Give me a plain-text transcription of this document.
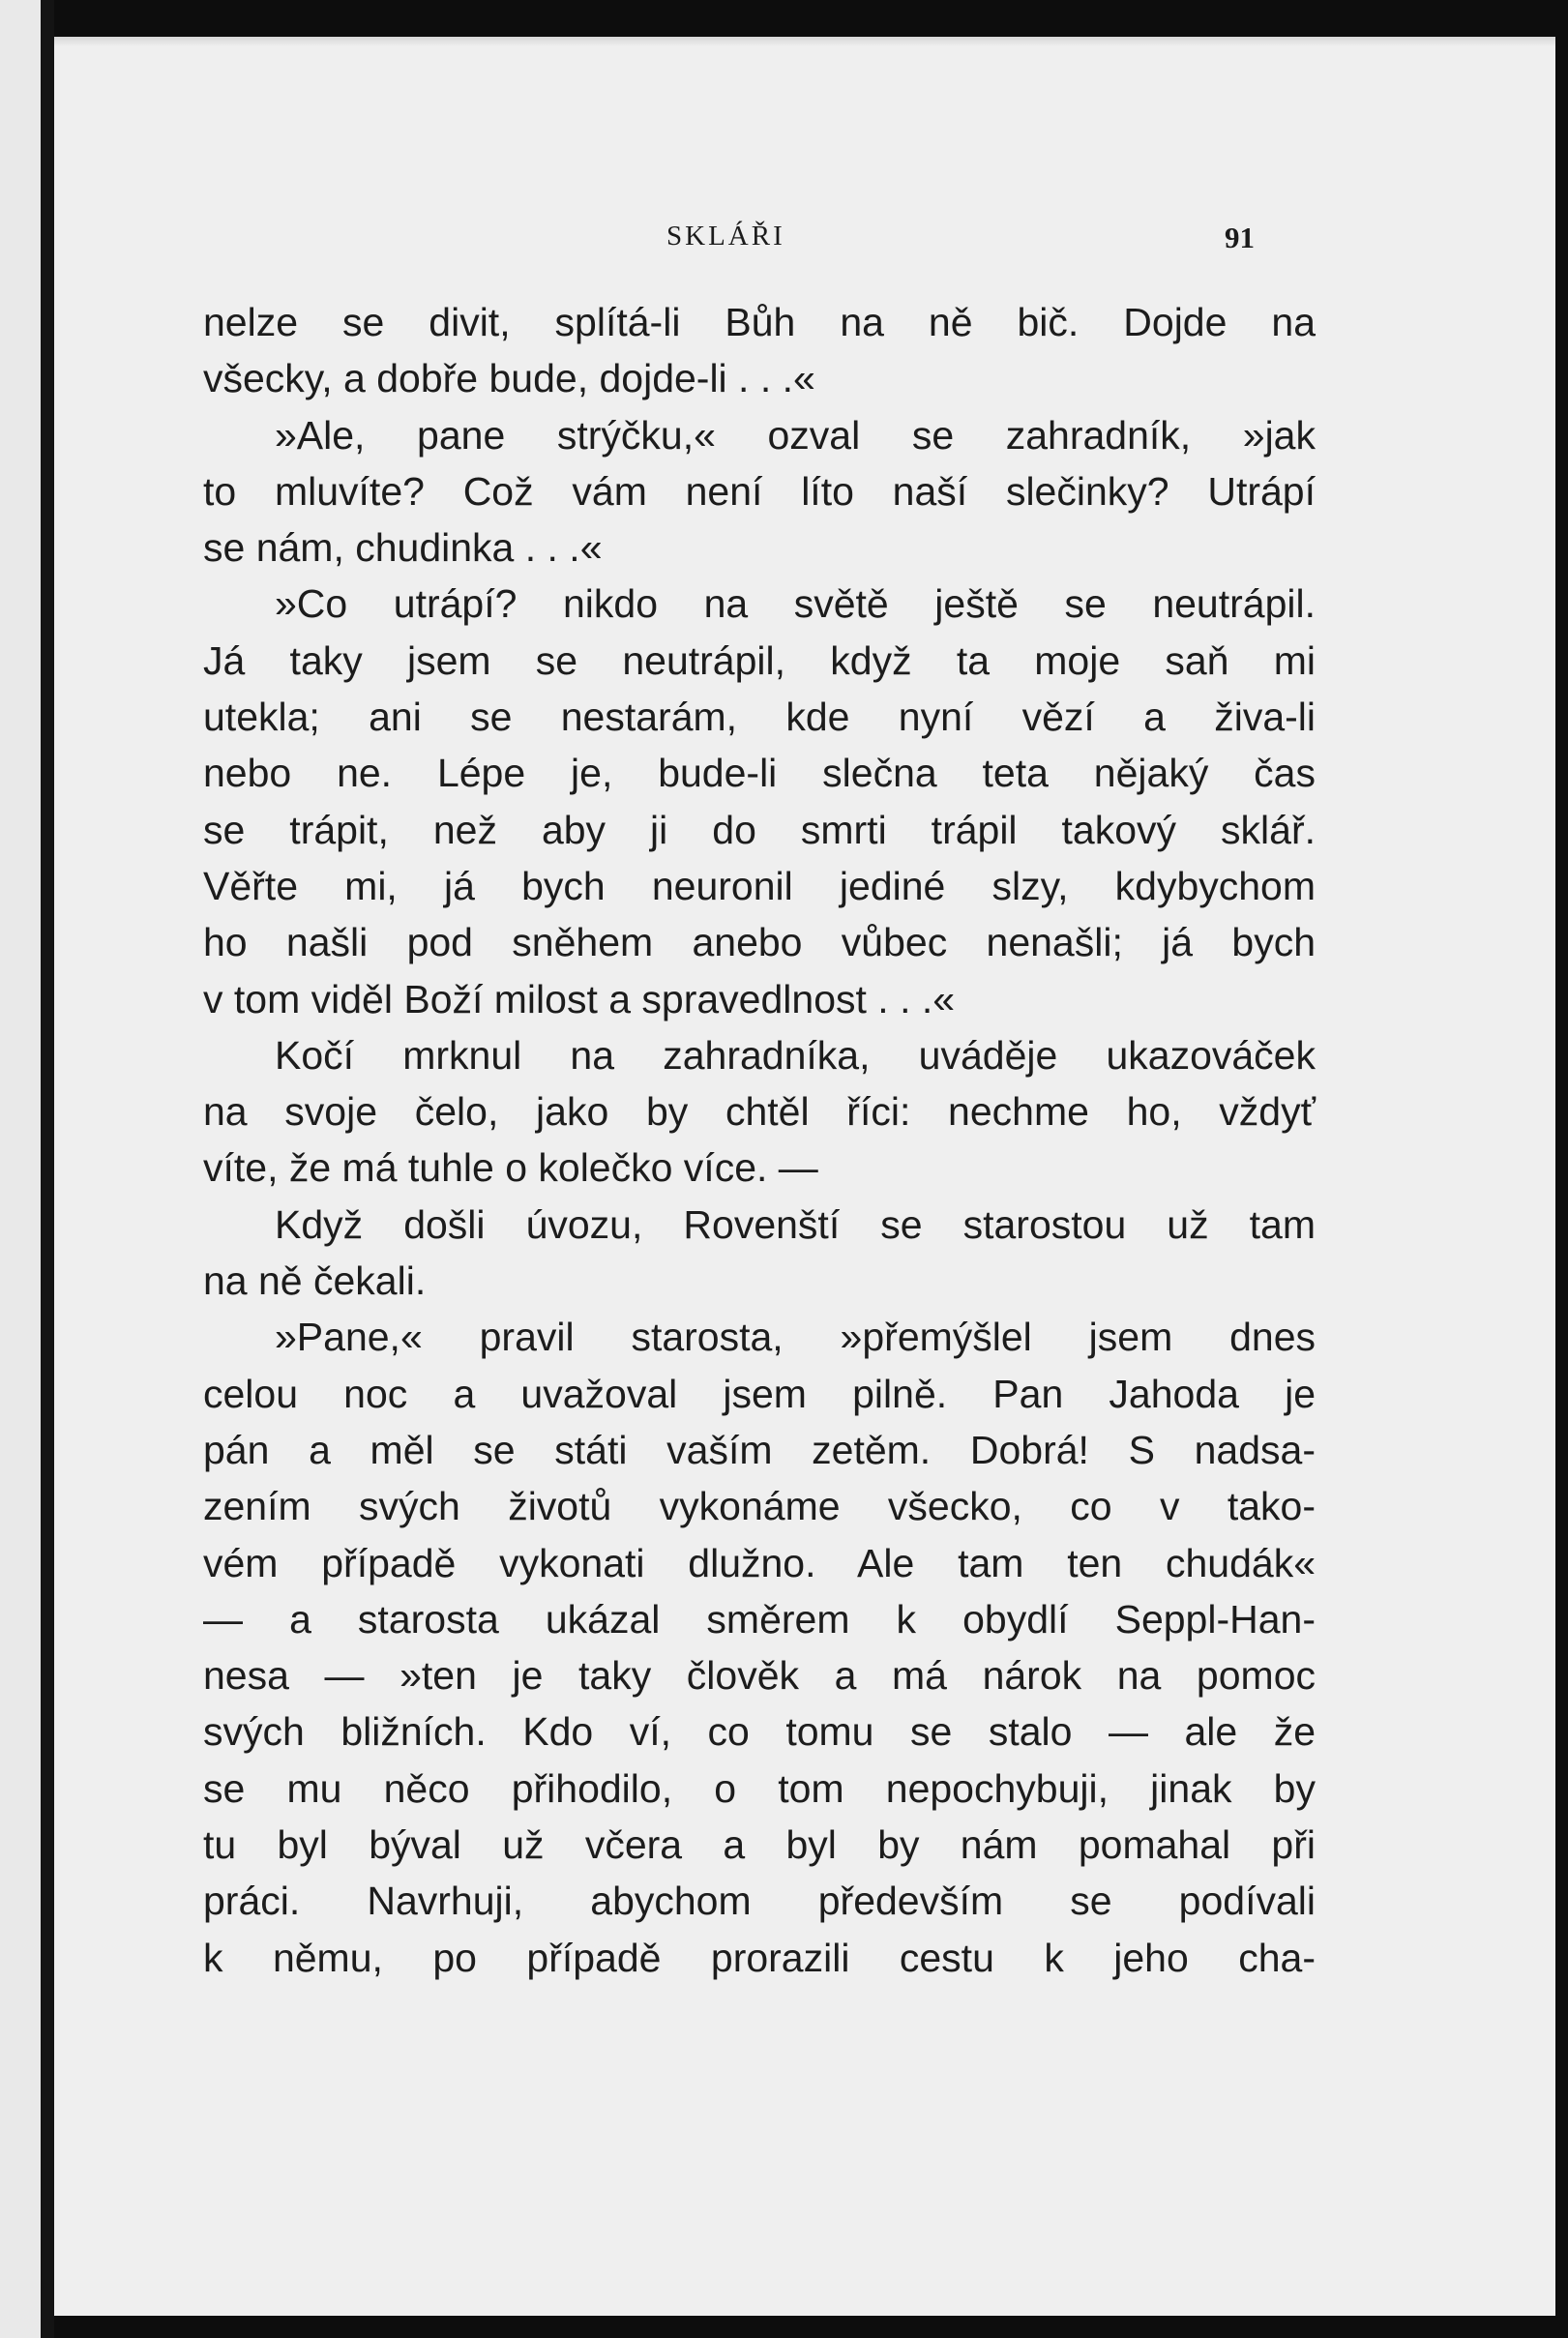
SKLÁŘI	91
nelze se divit, splítá-li Bůh na ně bič. Dojde na
všecky, a dobře bude, dojde-li . . .«
»Ale, pane strýčku,« ozval se zahradník, »jak
to mluvíte? Což vám není líto naší slečinky? Utrápí
se nám, chudinka . . .«
»Co utrápí? nikdo na světě ještě se neutrápil.
Já taky jsem se neutrápil, když ta moje saň mi
utekla; ani se nestarám, kde nyní vězí a živa-li
nebo ne. Lépe je, bude-li slečna teta nějaký čas
se trápit, než aby ji do smrti trápil takový sklář.
Věřte mi, já bych neuronil jediné slzy, kdybychom
ho našli pod sněhem anebo vůbec nenašli; já bych
v tom viděl Boží milost a spravedlnost . . .«
Kočí mrknul na zahradníka, uváděje ukazováček
na svoje čelo, jako by chtěl říci: nechme ho, vždyť
víte, že má tuhle o kolečko více. —
Když došli úvozu, Rovenští se starostou už tam
na ně čekali.
»Pane,« pravil starosta, »přemýšlel jsem dnes
celou noc a uvažoval jsem pilně. Pan Jahoda je
pán a měl se státi vaším zetěm. Dobrá! S nadsa-
zením svých životů vykonáme všecko, co v tako-
vém případě vykonati dlužno. Ale tam ten chudák«
— a starosta ukázal směrem k obydlí Seppl-Han-
nesa — »ten je taky člověk a má nárok na pomoc
svých bližních. Kdo ví, co tomu se stalo — ale že
se mu něco přihodilo, o tom nepochybuji, jinak by
tu byl býval už včera a byl by nám pomahal při
práci. Navrhuji, abychom především se podívali
k němu, po případě prorazili cestu k jeho cha-
